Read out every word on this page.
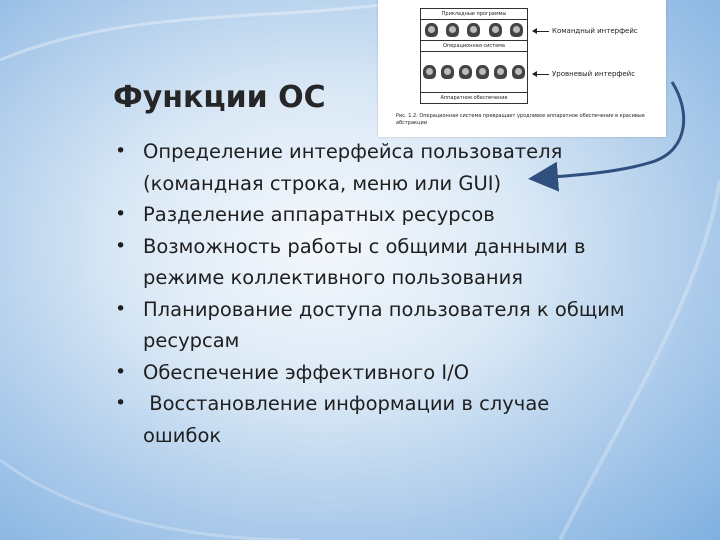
Прикладные программы
Операционная система
Аппаратное обеспечение
Командный интерфейс
Уровневый интерфейс
Рис. 1.2. Операционная система превращает уродливое аппаратное обеспечение в красивые абстракции
Функции ОС
• Определение интерфейса пользователя (командная строка, меню или GUI)
• Разделение аппаратных ресурсов
• Возможность работы с общими данными в режиме коллективного пользования
• Планирование доступа пользователя к общим ресурсам
• Обеспечение эффективного I/O
• Восстановление информации в случае ошибок
